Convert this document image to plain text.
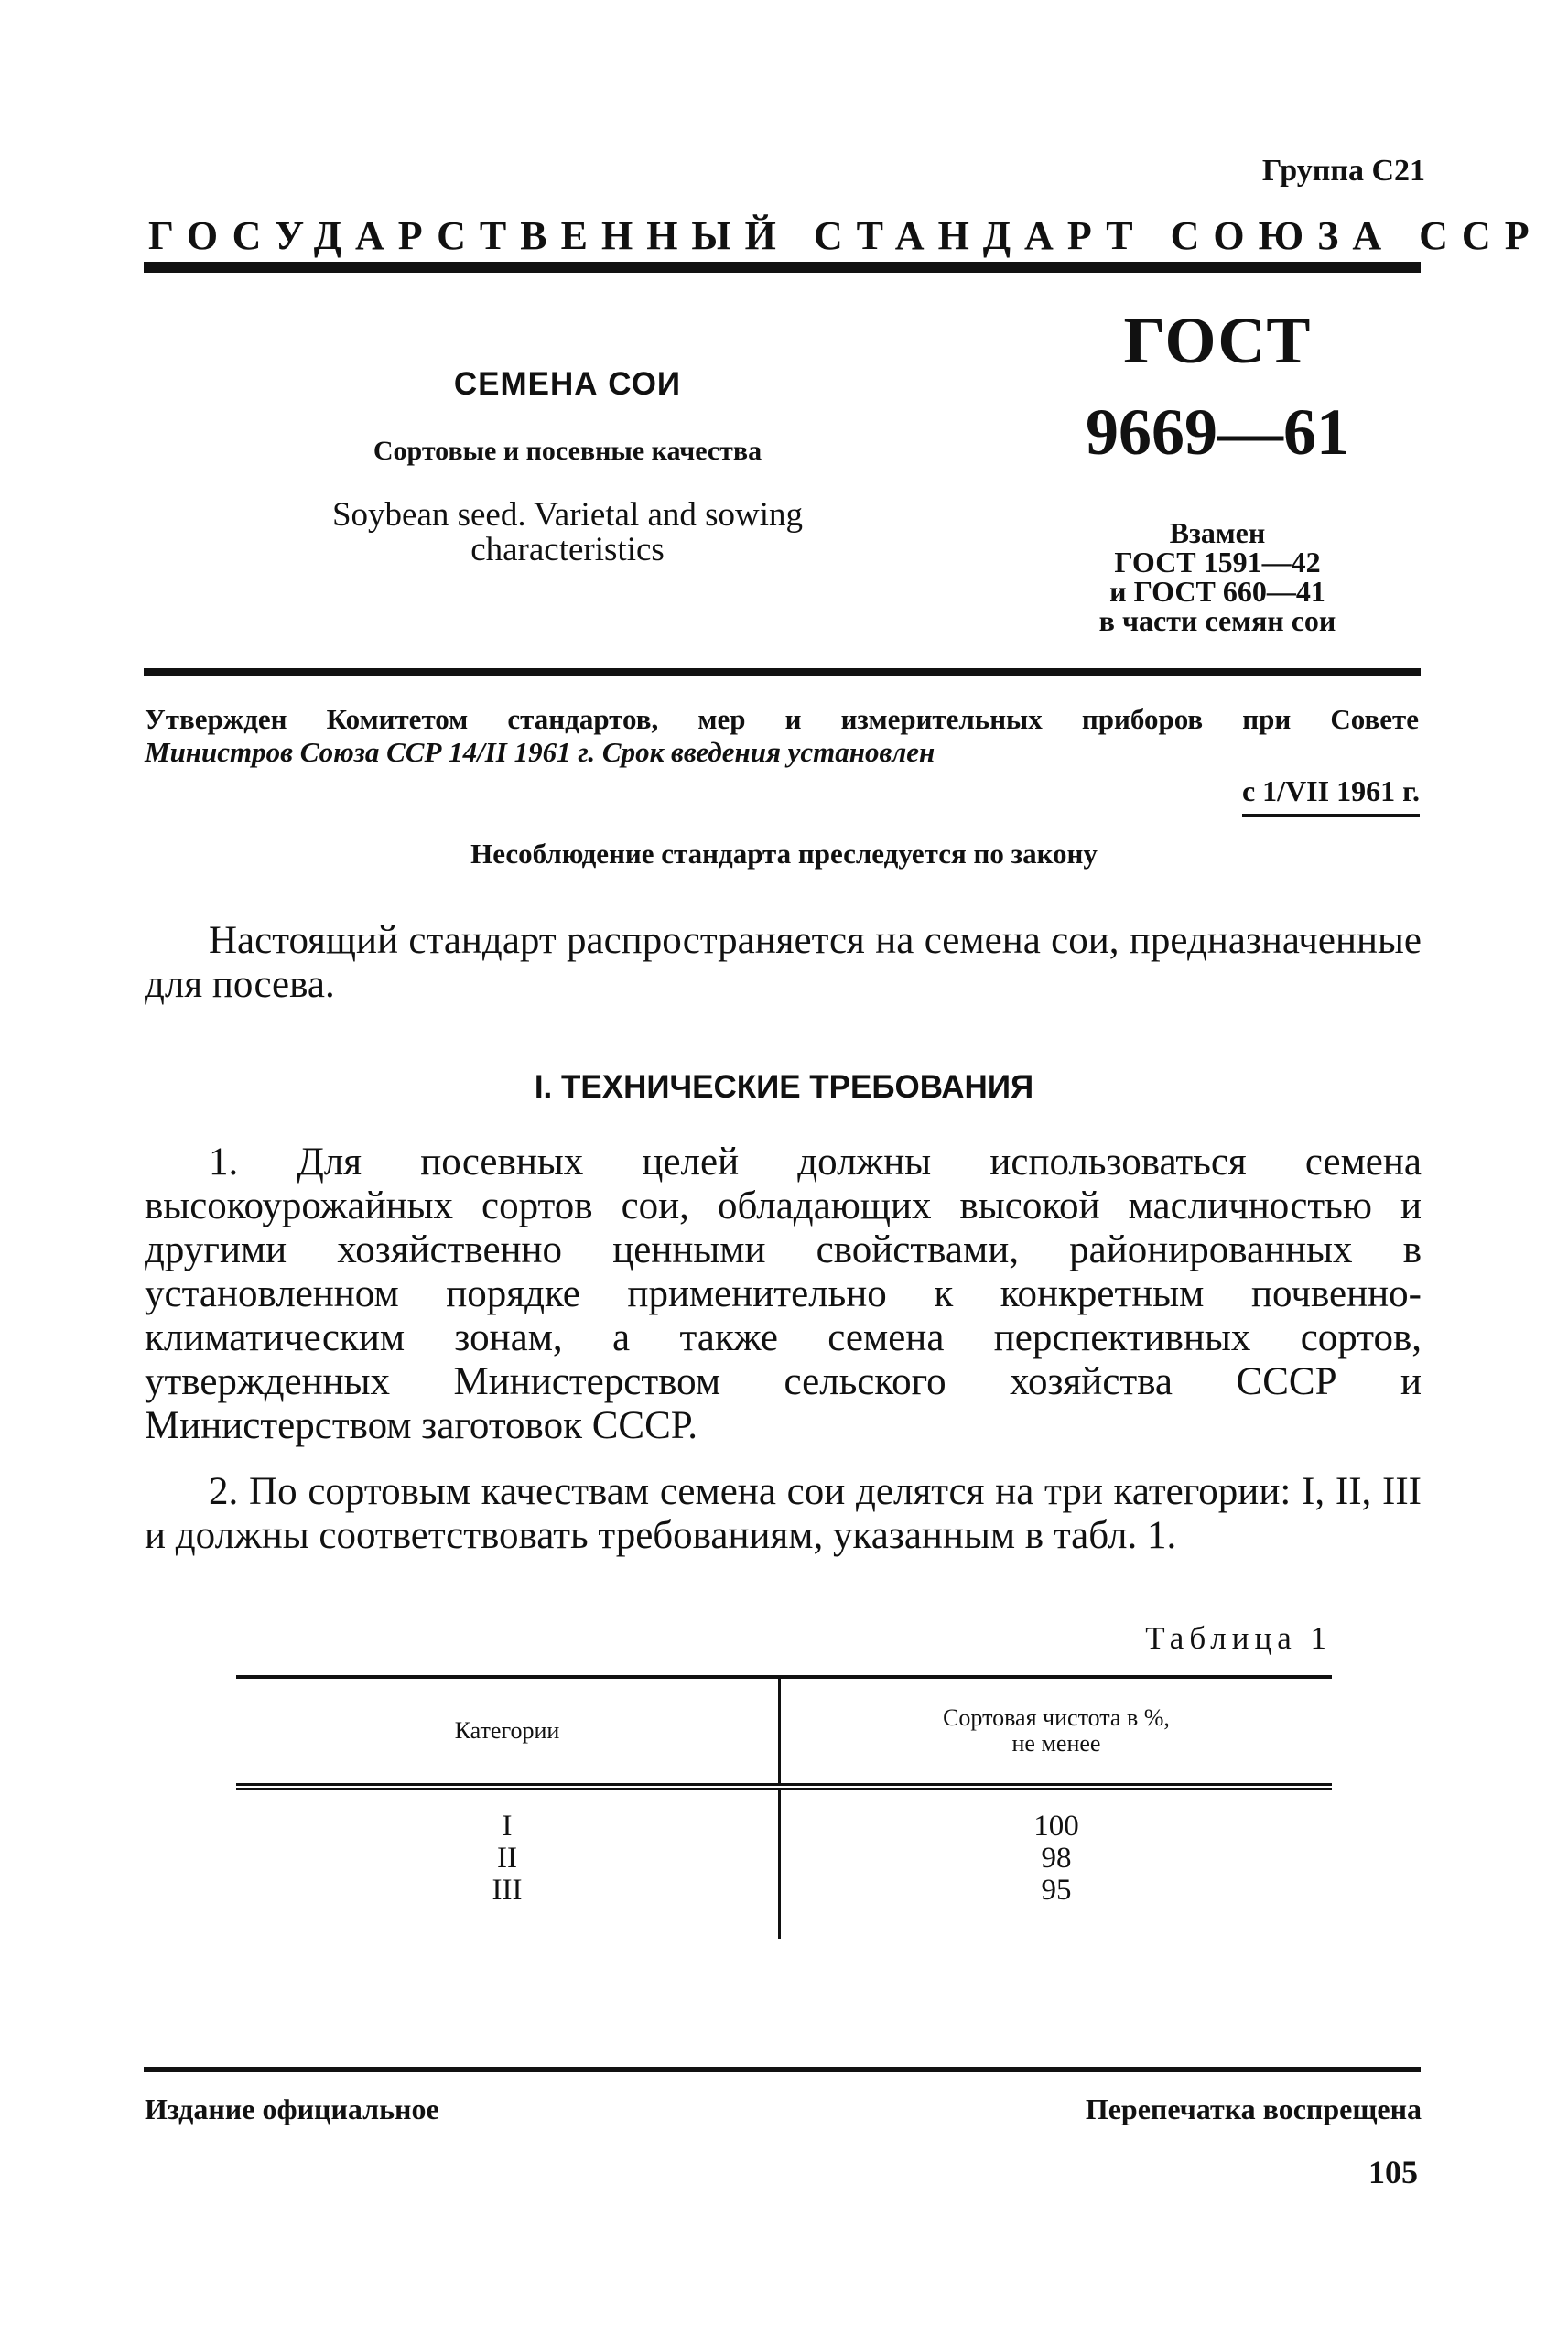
Группа С21
ГОСУДАРСТВЕННЫЙ СТАНДАРТ СОЮЗА ССР
СЕМЕНА СОИ
Сортовые и посевные качества
Soybean seed. Varietal and sowing characteristics
ГОСТ
9669—61
Взамен
ГОСТ 1591—42
и ГОСТ 660—41
в части семян сои
Утвержден Комитетом стандартов, мер и измерительных приборов при Совете
Министров Союза ССР 14/II 1961 г. Срок введения установлен
с 1/VII 1961 г.
Несоблюдение стандарта преследуется по закону
Настоящий стандарт распространяется на семена сои, предназначенные для посева.
I. ТЕХНИЧЕСКИЕ ТРЕБОВАНИЯ
1. Для посевных целей должны использоваться семена высокоурожайных сортов сои, обладающих высокой масличностью и другими хозяйственно ценными свойствами, районированных в установленном порядке применительно к конкретным почвенно-климатическим зонам, а также семена перспективных сортов, утвержденных Министерством сельского хозяйства СССР и Министерством заготовок СССР.
2. По сортовым качествам семена сои делятся на три категории: I, II, III и должны соответствовать требованиям, указанным в табл. 1.
Таблица 1
Категории	Сортовая чистота в %,
не менее
I
II
III
100
98
95
Издание официальное	Перепечатка воспрещена
105
